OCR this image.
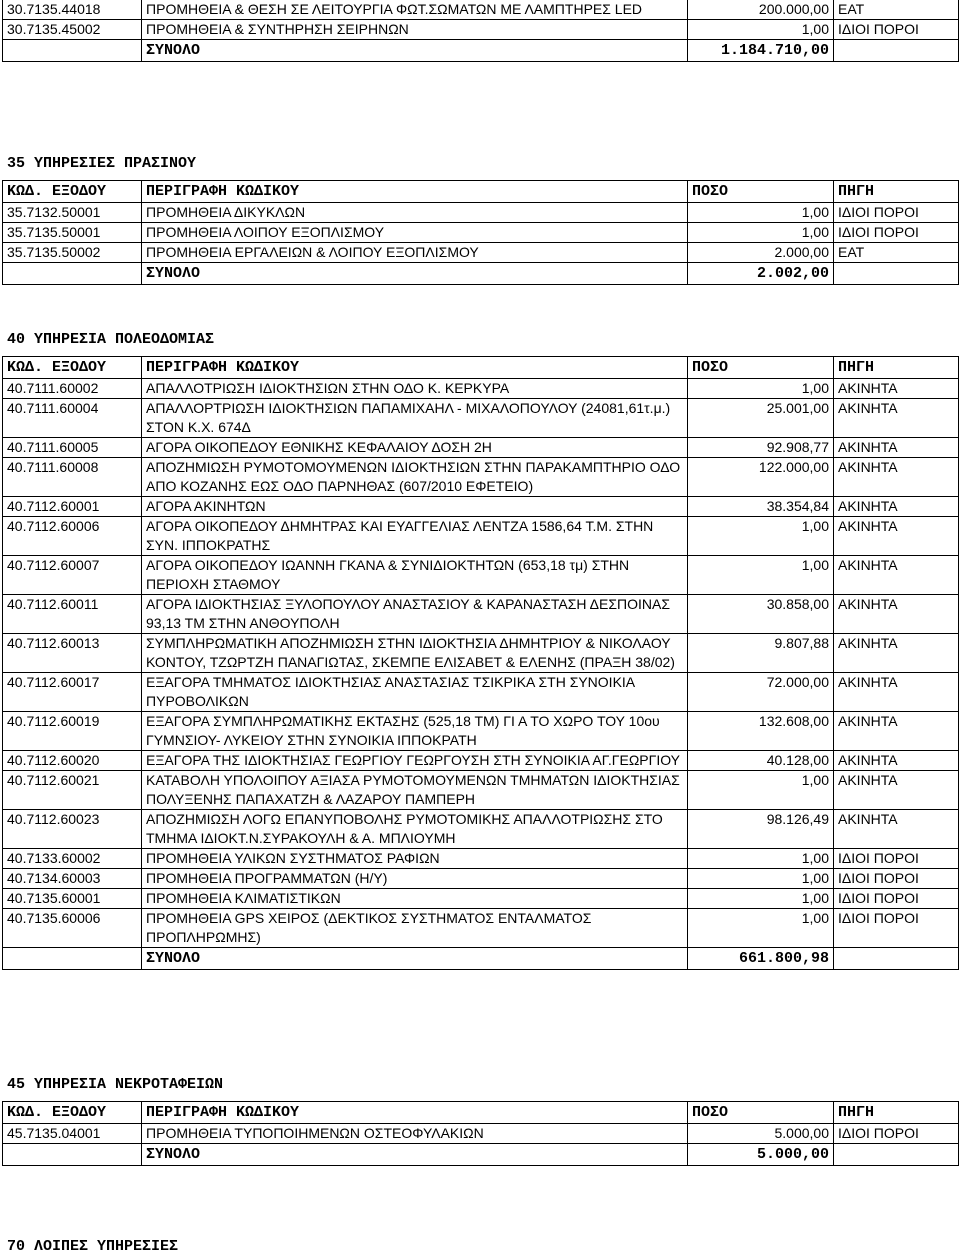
30.7135.44018	ΠΡΟΜΗΘΕΙΑ & ΘΕΣΗ ΣΕ ΛΕΙΤΟΥΡΓΙΑ ΦΩΤ.ΣΩΜΑΤΩΝ ΜΕ ΛΑΜΠΤΗΡΕΣ LED	200.000,00	ΕΑΤ
30.7135.45002	ΠΡΟΜΗΘΕΙΑ & ΣΥΝΤΗΡΗΣΗ ΣΕΙΡΗΝΩΝ	1,00	ΙΔΙΟΙ ΠΟΡΟΙ
	ΣΥΝΟΛΟ	1.184.710,00	
35 ΥΠΗΡΕΣΙΕΣ ΠΡΑΣΙΝΟΥ
ΚΩΔ. ΕΞΟΔΟΥ	ΠΕΡΙΓΡΑΦΗ ΚΩΔΙΚΟΥ	ΠΟΣΟ	ΠΗΓΗ
35.7132.50001	ΠΡΟΜΗΘΕΙΑ ΔΙΚΥΚΛΩΝ	1,00	ΙΔΙΟΙ ΠΟΡΟΙ
35.7135.50001	ΠΡΟΜΗΘΕΙΑ ΛΟΙΠΟΥ ΕΞΟΠΛΙΣΜΟΥ	1,00	ΙΔΙΟΙ ΠΟΡΟΙ
35.7135.50002	ΠΡΟΜΗΘΕΙΑ ΕΡΓΑΛΕΙΩΝ & ΛΟΙΠΟΥ ΕΞΟΠΛΙΣΜΟΥ	2.000,00	ΕΑΤ
	ΣΥΝΟΛΟ	2.002,00	
40 ΥΠΗΡΕΣΙΑ ΠΟΛΕΟΔΟΜΙΑΣ
ΚΩΔ. ΕΞΟΔΟΥ	ΠΕΡΙΓΡΑΦΗ ΚΩΔΙΚΟΥ	ΠΟΣΟ	ΠΗΓΗ
40.7111.60002	ΑΠΑΛΛΟΤΡΙΩΣΗ ΙΔΙΟΚΤΗΣΙΩΝ ΣΤΗΝ ΟΔΟ Κ. ΚΕΡΚΥΡΑ	1,00	ΑΚΙΝΗΤΑ
40.7111.60004	ΑΠΑΛΛΟΡΤΡΙΩΣΗ ΙΔΙΟΚΤΗΣΙΩΝ ΠΑΠΑΜΙΧΑΗΛ - ΜΙΧΑΛΟΠΟΥΛΟΥ (24081,61τ.μ.) ΣΤΟΝ Κ.Χ. 674Δ	25.001,00	ΑΚΙΝΗΤΑ
40.7111.60005	ΑΓΟΡΑ ΟΙΚΟΠΕΔΟΥ ΕΘΝΙΚΗΣ ΚΕΦΑΛΑΙΟΥ ΔΟΣΗ 2Η	92.908,77	ΑΚΙΝΗΤΑ
40.7111.60008	ΑΠΟΖΗΜΙΩΣΗ ΡΥΜΟΤΟΜΟΥΜΕΝΩΝ ΙΔΙΟΚΤΗΣΙΩΝ ΣΤΗΝ ΠΑΡΑΚΑΜΠΤΗΡΙΟ ΟΔΟ ΑΠΟ ΚΟΖΑΝΗΣ ΕΩΣ ΟΔΟ ΠΑΡΝΗΘΑΣ (607/2010 ΕΦΕΤΕΙΟ)	122.000,00	ΑΚΙΝΗΤΑ
40.7112.60001	ΑΓΟΡΑ ΑΚΙΝΗΤΩΝ	38.354,84	ΑΚΙΝΗΤΑ
40.7112.60006	ΑΓΟΡΑ ΟΙΚΟΠΕΔΟΥ ΔΗΜΗΤΡΑΣ ΚΑΙ ΕΥΑΓΓΕΛΙΑΣ ΛΕΝΤΖΑ 1586,64 Τ.Μ. ΣΤΗΝ ΣΥΝ. ΙΠΠΟΚΡΑΤΗΣ	1,00	ΑΚΙΝΗΤΑ
40.7112.60007	ΑΓΟΡΑ ΟΙΚΟΠΕΔΟΥ ΙΩΑΝΝΗ ΓΚΑΝΑ & ΣΥΝΙΔΙΟΚΤΗΤΩΝ (653,18 τμ) ΣΤΗΝ ΠΕΡΙΟΧΗ ΣΤΑΘΜΟΥ	1,00	ΑΚΙΝΗΤΑ
40.7112.60011	ΑΓΟΡΑ ΙΔΙΟΚΤΗΣΙΑΣ ΞΥΛΟΠΟΥΛΟΥ ΑΝΑΣΤΑΣΙΟΥ & ΚΑΡΑΝΑΣΤΑΣΗ ΔΕΣΠΟΙΝΑΣ 93,13 ΤΜ ΣΤΗΝ ΑΝΘΟΥΠΟΛΗ	30.858,00	ΑΚΙΝΗΤΑ
40.7112.60013	ΣΥΜΠΛΗΡΩΜΑΤΙΚΗ ΑΠΟΖΗΜΙΩΣΗ ΣΤΗΝ ΙΔΙΟΚΤΗΣΙΑ ΔΗΜΗΤΡΙΟΥ & ΝΙΚΟΛΑΟΥ ΚΟΝΤΟΥ, ΤΖΩΡΤΖΗ ΠΑΝΑΓΙΩΤΑΣ, ΣΚΕΜΠΕ ΕΛΙΣΑΒΕΤ & ΕΛΕΝΗΣ (ΠΡΑΞΗ 38/02)	9.807,88	ΑΚΙΝΗΤΑ
40.7112.60017	ΕΞΑΓΟΡΑ ΤΜΗΜΑΤΟΣ ΙΔΙΟΚΤΗΣΙΑΣ ΑΝΑΣΤΑΣΙΑΣ ΤΣΙΚΡΙΚΑ ΣΤΗ ΣΥΝΟΙΚΙΑ ΠΥΡΟΒΟΛΙΚΩΝ	72.000,00	ΑΚΙΝΗΤΑ
40.7112.60019	ΕΞΑΓΟΡΑ ΣΥΜΠΛΗΡΩΜΑΤΙΚΗΣ ΕΚΤΑΣΗΣ (525,18 ΤΜ) ΓΙ Α ΤΟ ΧΩΡΟ ΤΟΥ 10ου ΓΥΜΝΣΙΟΥ- ΛΥΚΕΙΟΥ ΣΤΗΝ ΣΥΝΟΙΚΙΑ ΙΠΠΟΚΡΑΤΗ	132.608,00	ΑΚΙΝΗΤΑ
40.7112.60020	ΕΞΑΓΟΡΑ ΤΗΣ ΙΔΙΟΚΤΗΣΙΑΣ ΓΕΩΡΓΙΟΥ ΓΕΩΡΓΟΥΣΗ ΣΤΗ ΣΥΝΟΙΚΙΑ ΑΓ.ΓΕΩΡΓΙΟΥ	40.128,00	ΑΚΙΝΗΤΑ
40.7112.60021	ΚΑΤΑΒΟΛΗ ΥΠΟΛΟΙΠΟΥ ΑΞΙΑΣΑ ΡΥΜΟΤΟΜΟΥΜΕΝΩΝ ΤΜΗΜΑΤΩΝ ΙΔΙΟΚΤΗΣΙΑΣ ΠΟΛΥΞΕΝΗΣ ΠΑΠΑΧΑΤΖΗ & ΛΑΖΑΡΟΥ ΠΑΜΠΕΡΗ	1,00	ΑΚΙΝΗΤΑ
40.7112.60023	ΑΠΟΖΗΜΙΩΣΗ ΛΟΓΩ ΕΠΑΝΥΠΟΒΟΛΗΣ ΡΥΜΟΤΟΜΙΚΗΣ ΑΠΑΛΛΟΤΡΙΩΣΗΣ ΣΤΟ ΤΜΗΜΑ ΙΔΙΟΚΤ.Ν.ΣΥΡΑΚΟΥΛΗ & Α. ΜΠΛΙΟΥΜΗ	98.126,49	ΑΚΙΝΗΤΑ
40.7133.60002	ΠΡΟΜΗΘΕΙΑ ΥΛΙΚΩΝ ΣΥΣΤΗΜΑΤΟΣ ΡΑΦΙΩΝ	1,00	ΙΔΙΟΙ ΠΟΡΟΙ
40.7134.60003	ΠΡΟΜΗΘΕΙΑ ΠΡΟΓΡΑΜΜΑΤΩΝ (Η/Υ)	1,00	ΙΔΙΟΙ ΠΟΡΟΙ
40.7135.60001	ΠΡΟΜΗΘΕΙΑ ΚΛΙΜΑΤΙΣΤΙΚΩΝ	1,00	ΙΔΙΟΙ ΠΟΡΟΙ
40.7135.60006	ΠΡΟΜΗΘΕΙΑ GPS ΧΕΙΡΟΣ (ΔΕΚΤΙΚΟΣ ΣΥΣΤΗΜΑΤΟΣ ΕΝΤΑΛΜΑΤΟΣ ΠΡΟΠΛΗΡΩΜΗΣ)	1,00	ΙΔΙΟΙ ΠΟΡΟΙ
	ΣΥΝΟΛΟ	661.800,98	
45 ΥΠΗΡΕΣΙΑ ΝΕΚΡΟΤΑΦΕΙΩΝ
ΚΩΔ. ΕΞΟΔΟΥ	ΠΕΡΙΓΡΑΦΗ ΚΩΔΙΚΟΥ	ΠΟΣΟ	ΠΗΓΗ
45.7135.04001	ΠΡΟΜΗΘΕΙΑ ΤΥΠΟΠΟΙΗΜΕΝΩΝ ΟΣΤΕΟΦΥΛΑΚΙΩΝ	5.000,00	ΙΔΙΟΙ ΠΟΡΟΙ
	ΣΥΝΟΛΟ	5.000,00	
70 ΛΟΙΠΕΣ ΥΠΗΡΕΣΙΕΣ
